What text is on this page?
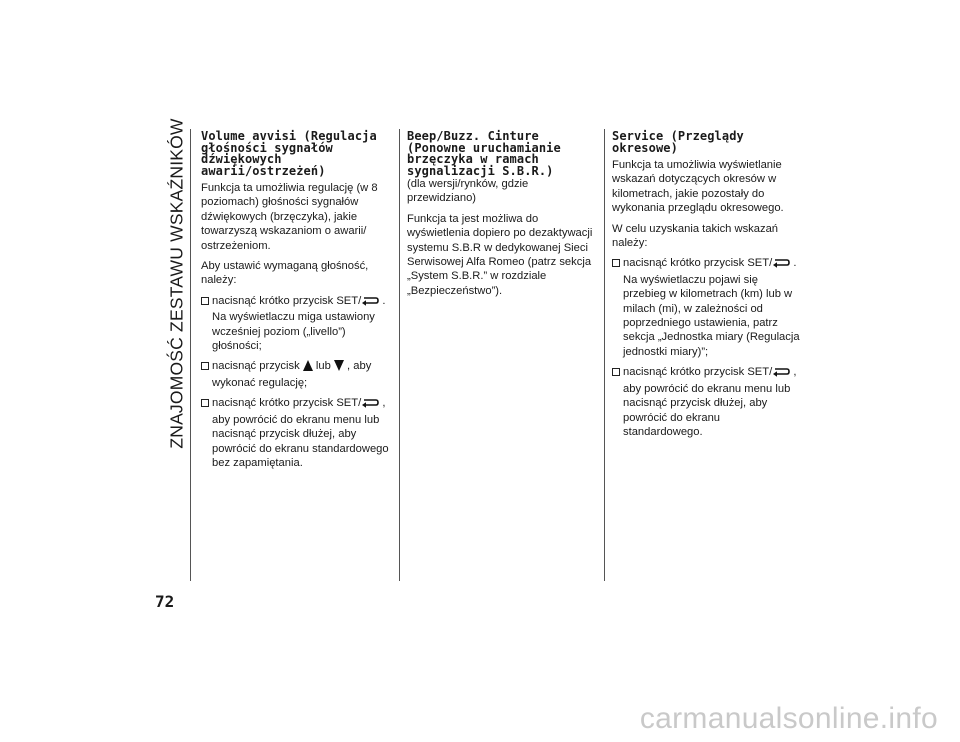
ZNAJOMOŚĆ ZESTAWU WSKAŹNIKÓW Volume avvisi (Regulacja głośności sygnałów dźwiękowych awarii/ostrzeżeń)

Funkcja ta umożliwia regulację (w 8 poziomach) głośności sygnałów dźwiękowych (brzęczyka), jakie towarzyszą wskazaniom o awarii/ ostrzeżeniom.

Aby ustawić wymaganą głośność, należy:

nacisnąć krótko przycisk SET/ . Na wyświetlaczu miga ustawiony wcześniej poziom („livello”) głośności;
nacisnąć przycisk  lub  , aby wykonać regulację;
nacisnąć krótko przycisk SET/ , aby powrócić do ekranu menu lub nacisnąć przycisk dłużej, aby powrócić do ekranu standardowego bez zapamiętania.
Beep/Buzz. Cinture (Ponowne uruchamianie brzęczyka w ramach sygnalizacji S.B.R.)

(dla wersji/rynków, gdzie przewidziano)

Funkcja ta jest możliwa do wyświetlenia dopiero po dezaktywacji systemu S.B.R w dedykowanej Sieci Serwisowej Alfa Romeo (patrz sekcja „System S.B.R.” w rozdziale „Bezpieczeństwo”).

Service (Przeglądy okresowe)

Funkcja ta umożliwia wyświetlanie wskazań dotyczących okresów w kilometrach, jakie pozostały do wykonania przeglądu okresowego.

W celu uzyskania takich wskazań należy:

nacisnąć krótko przycisk SET/ . Na wyświetlaczu pojawi się przebieg w kilometrach (km) lub w milach (mi), w zależności od poprzedniego ustawienia, patrz sekcja „Jednostka miary (Regulacja jednostki miary)”;
nacisnąć krótko przycisk SET/ , aby powrócić do ekranu menu lub nacisnąć przycisk dłużej, aby powrócić do ekranu standardowego.
72
carmanualsonline.info
